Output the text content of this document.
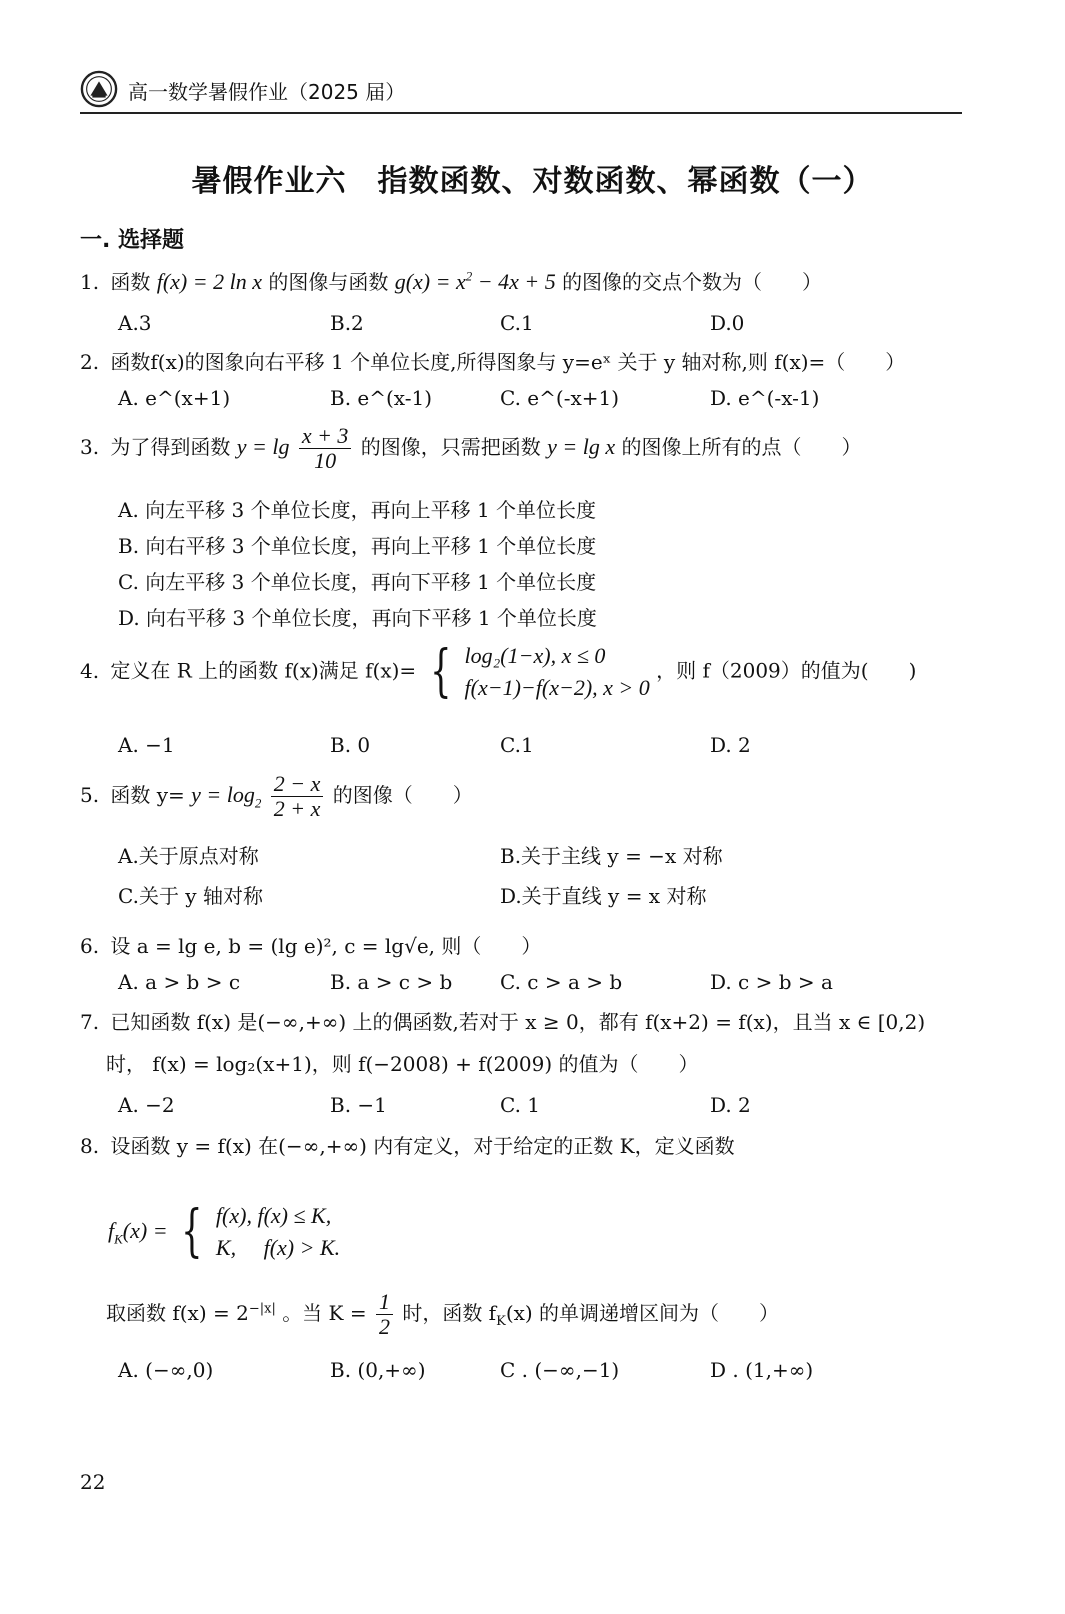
高一数学暑假作业（2025 届）
暑假作业六　指数函数、对数函数、幂函数（一）
一. 选择题
1. 函数 f(x) = 2 ln x 的图像与函数 $g(x) = x^2 - 4x + 5$ 的图像的交点个数为（　　）
A.3	B.2	C.1	D.0
2. 函数f(x)的图象向右平移 1 个单位长度,所得图象与 y=eˣ 关于 y 轴对称,则 f(x)=（　　）
A. e^(x+1)	B. e^(x-1)	C. e^(-x+1)	D. e^(-x-1)
3. 为了得到函数 $y = \lg \frac{x + 3}{10}$ 的图像，只需把函数 y = lg x 的图像上所有的点（　　）
A. 向左平移 3 个单位长度，再向上平移 1 个单位长度
B. 向右平移 3 个单位长度，再向上平移 1 个单位长度
C. 向左平移 3 个单位长度，再向下平移 1 个单位长度
D. 向右平移 3 个单位长度，再向下平移 1 个单位长度
4. 定义在 R 上的函数 f(x)满足 f(x)= { log₂(1−x), x ≤ 0
f(x−1)−f(x−2), x > 0
，则 f（2009）的值为(　　)
A. −1	B. 0	C.1	D. 2
5. 函数 $y= y = \log_2 \frac{2 - x}{2 + x}$ 的图像（　　）
A.关于原点对称	B.关于主线 y = −x 对称
C.关于 y 轴对称	D.关于直线 y = x 对称
6. 设 a = lg e, b = (lg e)², c = lg√e, 则（　　）
A. a > b > c	B. a > c > b C. c > a > b	D. c > b > a
7. 已知函数 f(x) 是(−∞,+∞) 上的偶函数,若对于 x ≥ 0，都有 f(x+2) = f(x)，且当 x ∈ [0,2)
时， f(x) = log₂(x+1)，则 f(−2008) + f(2009) 的值为（　　）
A. −2	B. −1	C. 1	D. 2
8. 设函数 y = f(x) 在(−∞,+∞) 内有定义，对于给定的正数 K，定义函数
$f_K(x)$ = { f(x), f(x) ≤ K,
K,　 f(x) > K.
取函数 $f(x) = 2^{-|x|}$ 。当 $K = \frac{1}{2}$ 时，函数 $f_K(x)$ 的单调递增区间为（　　）
A. (−∞,0)	B. (0,+∞)	C . (−∞,−1)	D . (1,+∞)
22
